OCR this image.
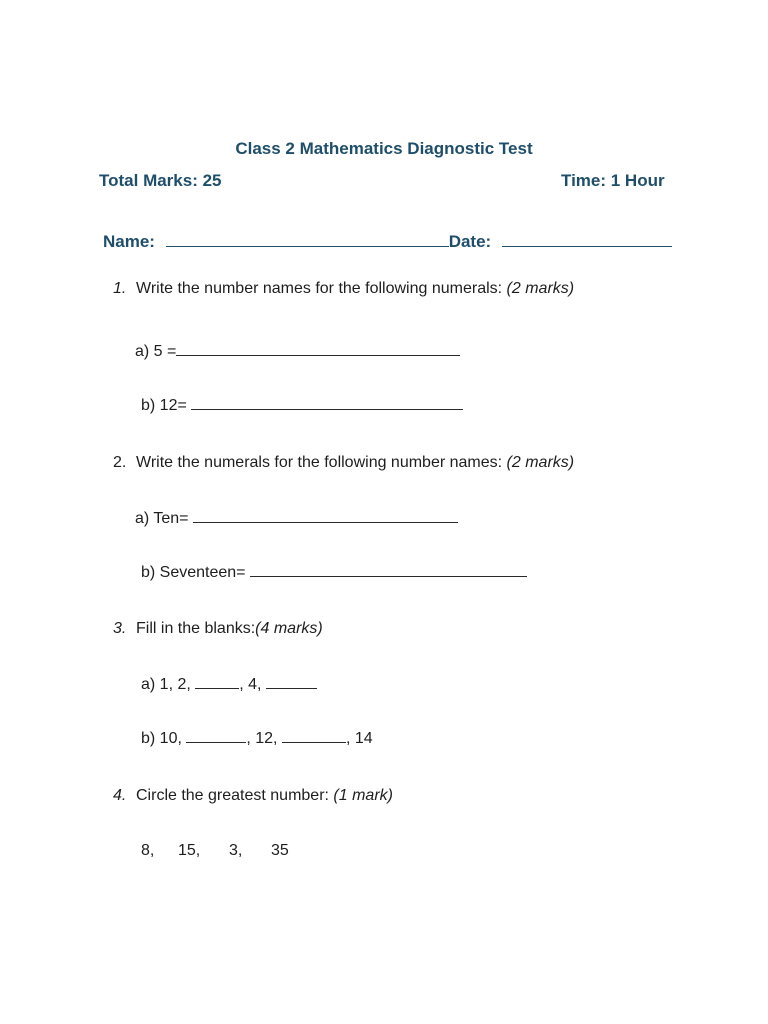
Class 2 Mathematics Diagnostic Test
Total Marks: 25	Time: 1 Hour
Name:	Date:
1. Write the number names for the following numerals: (2 marks)
a) 5 =
b) 12=
2. Write the numerals for the following number names: (2 marks)
a) Ten=
b) Seventeen=
3. Fill in the blanks:(4 marks)
a) 1, 2,	, 4,
b) 10,	, 12,	, 14
4. Circle the greatest number: (1 mark)
8, 15, 3, 35
